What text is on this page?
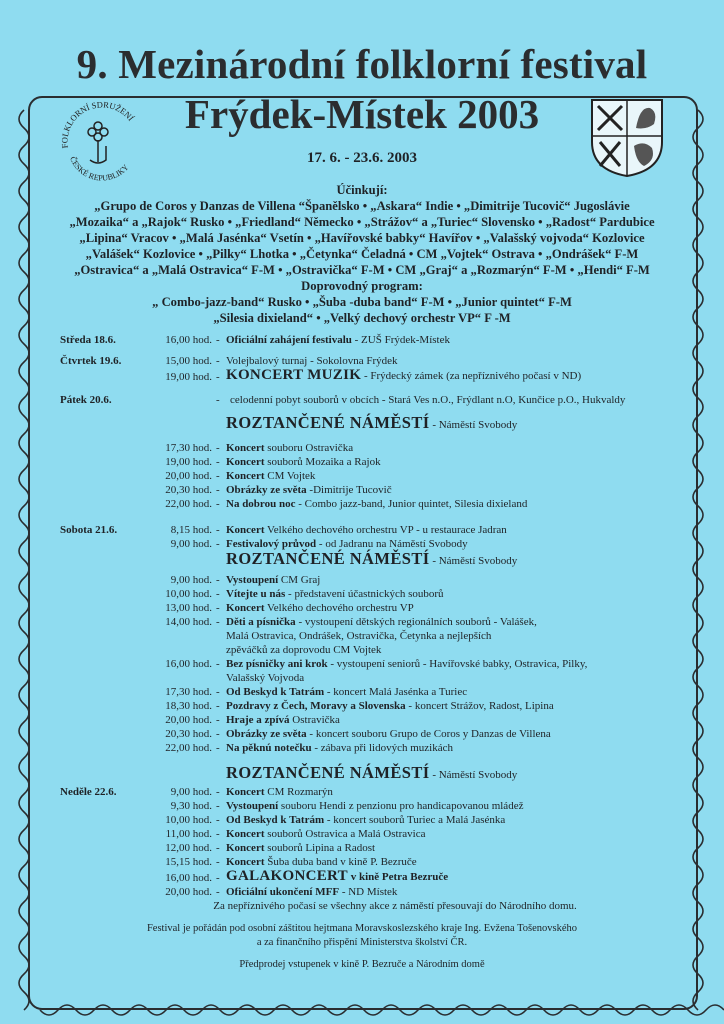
9. Mezinárodní folklorní festival
Frýdek-Místek 2003
17. 6. - 23.6. 2003
FOLKLORNÍ SDRUŽENÍ
ČESKÉ REPUBLIKY
Účinkují:
„Grupo de Coros y Danzas de Villena “Španělsko • „Askara“ Indie • „Dimitrije Tucovič“ Jugoslávie
„Mozaika“ a „Rajok“ Rusko • „Friedland“ Německo • „Strážov“ a „Turiec“ Slovensko • „Radost“ Pardubice
„Lipina“ Vracov • „Malá Jasénka“ Vsetín • „Havířovské babky“ Havířov • „Valašský vojvoda“ Kozlovice
„Valášek“ Kozlovice • „Pilky“ Lhotka • „Četynka“ Čeladná • CM „Vojtek“ Ostrava • „Ondrášek“ F-M
„Ostravica“ a „Malá Ostravica“ F-M • „Ostravička“ F-M • CM „Graj“ a „Rozmarýn“ F-M • „Hendi“ F-M
Doprovodný program:
„ Combo-jazz-band“ Rusko • „Šuba -duba band“ F-M • „Junior quintet“ F-M
„Silesia dixieland“ • „Velký dechový orchestr VP“ F -M
Středa 18.6.	16,00 hod. - Oficiální zahájení festivalu - ZUŠ Frýdek-Místek
Čtvrtek 19.6.	15,00 hod. - Volejbalový turnaj - Sokolovna Frýdek
19,00 hod. - KONCERT MUZIK - Frýdecký zámek (za nepříznivého počasí v ND)
Pátek 20.6.	- celodenní pobyt souborů v obcích - Stará Ves n.O., Frýdlant n.O, Kunčice p.O., Hukvaldy
ROZTANČENÉ NÁMĚSTÍ - Náměstí Svobody
17,30 hod. - Koncert souboru Ostravička
19,00 hod. - Koncert souborů Mozaika a Rajok
20,00 hod. - Koncert CM Vojtek
20,30 hod. - Obrázky ze světa -Dimitrije Tucovič
22,00 hod. - Na dobrou noc - Combo jazz-band, Junior quintet, Silesia dixieland
Sobota 21.6.	8,15 hod. - Koncert Velkého dechového orchestru VP - u restaurace Jadran
9,00 hod. - Festivalový průvod - od Jadranu na Náměstí Svobody
ROZTANČENÉ NÁMĚSTÍ - Náměstí Svobody
9,00 hod. - Vystoupení CM Graj
10,00 hod. - Vítejte u nás - představení účastnických souborů
13,00 hod. - Koncert Velkého dechového orchestru VP
14,00 hod. - Děti a písnička - vystoupení dětských regionálních souborů - Valášek,
Malá Ostravica, Ondrášek, Ostravička, Četynka a nejlepších
zpěváčků za doprovodu CM Vojtek
16,00 hod. - Bez písničky ani krok - vystoupení seniorů - Havířovské babky, Ostravica, Pilky,
Valašský Vojvoda
17,30 hod. - Od Beskyd k Tatrám - koncert Malá Jasénka a Turiec
18,30 hod. - Pozdravy z Čech, Moravy a Slovenska - koncert Strážov, Radost, Lipina
20,00 hod. - Hraje a zpívá Ostravička
20,30 hod. - Obrázky ze světa - koncert souboru Grupo de Coros y Danzas de Villena
22,00 hod. - Na pěknú notečku - zábava při lidových muzikách
ROZTANČENÉ NÁMĚSTÍ - Náměstí Svobody
Neděle 22.6.	9,00 hod. - Koncert CM Rozmarýn
9,30 hod. - Vystoupení souboru Hendi z penzionu pro handicapovanou mládež
10,00 hod. - Od Beskyd k Tatrám - koncert souborů Turiec a Malá Jasénka
11,00 hod. - Koncert souborů Ostravica a Malá Ostravica
12,00 hod. - Koncert souborů Lipina a Radost
15,15 hod. - Koncert Šuba duba band v kině P. Bezruče
16,00 hod. - GALAKONCERT v kině Petra Bezruče
20,00 hod. - Oficiální ukončení MFF - ND Místek
Za nepříznivého počasí se všechny akce z náměstí přesouvají do Národního domu.
Festival je pořádán pod osobní záštitou hejtmana Moravskoslezského kraje Ing. Evžena Tošenovského
a za finančního přispění Ministerstva školství ČR.
Předprodej vstupenek v kině P. Bezruče a Národním domě
